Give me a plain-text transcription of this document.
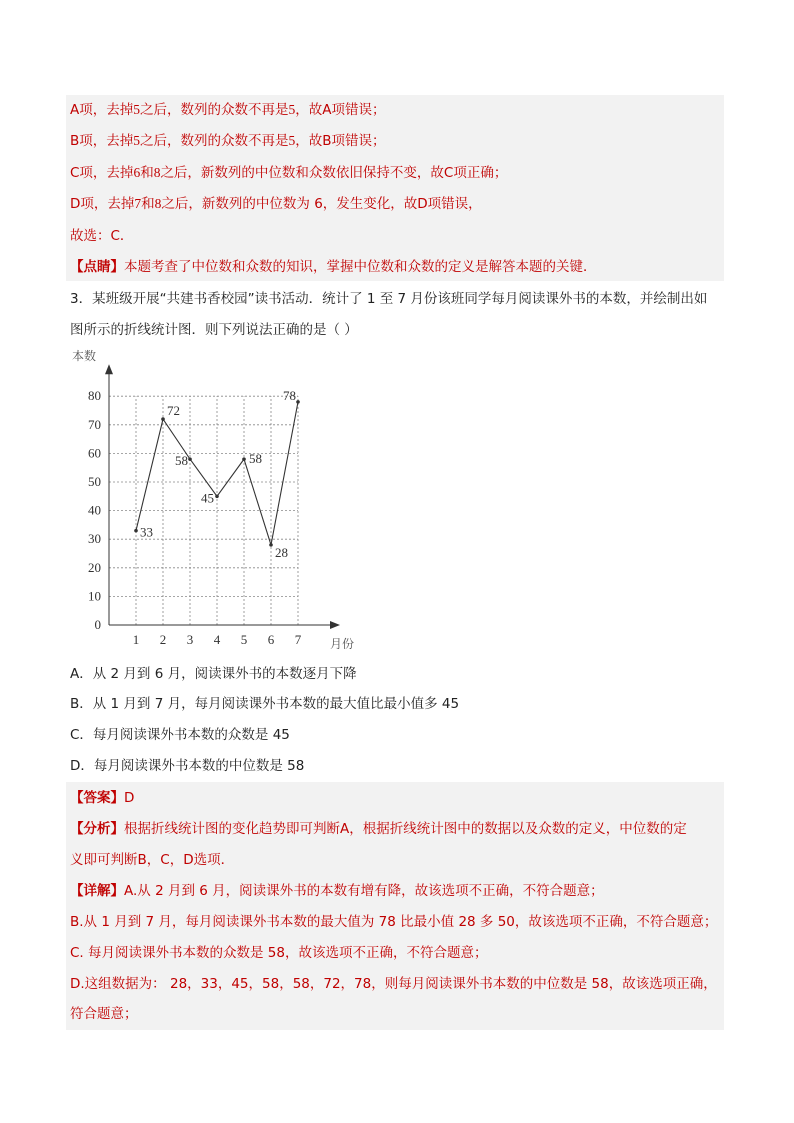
A项，去掉5之后，数列的众数不再是5，故A项错误；
B项，去掉5之后，数列的众数不再是5，故B项错误；
C项，去掉6和8之后，新数列的中位数和众数依旧保持不变，故C项正确；
D项，去掉7和8之后，新数列的中位数为 6，发生变化，故D项错误，
故选：C．
【点睛】本题考查了中位数和众数的知识，掌握中位数和众数的定义是解答本题的关键．
3．某班级开展“共建书香校园”读书活动．统计了 1 至 7 月份该班同学每月阅读课外书的本数，并绘制出如
图所示的折线统计图．则下列说法正确的是（ ）
0
10
20
30
40
50
60
70
80
1 2 3 4 5 6 7
33
72
58
45
58
28
78
本数
月份
A．从 2 月到 6 月，阅读课外书的本数逐月下降
B．从 1 月到 7 月，每月阅读课外书本数的最大值比最小值多 45
C．每月阅读课外书本数的众数是 45
D．每月阅读课外书本数的中位数是 58
【答案】D
【分析】根据折线统计图的变化趋势即可判断A，根据折线统计图中的数据以及众数的定义，中位数的定
义即可判断B，C，D选项．
【详解】A.从 2 月到 6 月，阅读课外书的本数有增有降，故该选项不正确，不符合题意；
B.从 1 月到 7 月，每月阅读课外书本数的最大值为 78 比最小值 28 多 50，故该选项不正确，不符合题意；
C. 每月阅读课外书本数的众数是 58，故该选项不正确，不符合题意；
D.这组数据为： 28，33，45，58，58，72，78，则每月阅读课外书本数的中位数是 58，故该选项正确，
符合题意；
